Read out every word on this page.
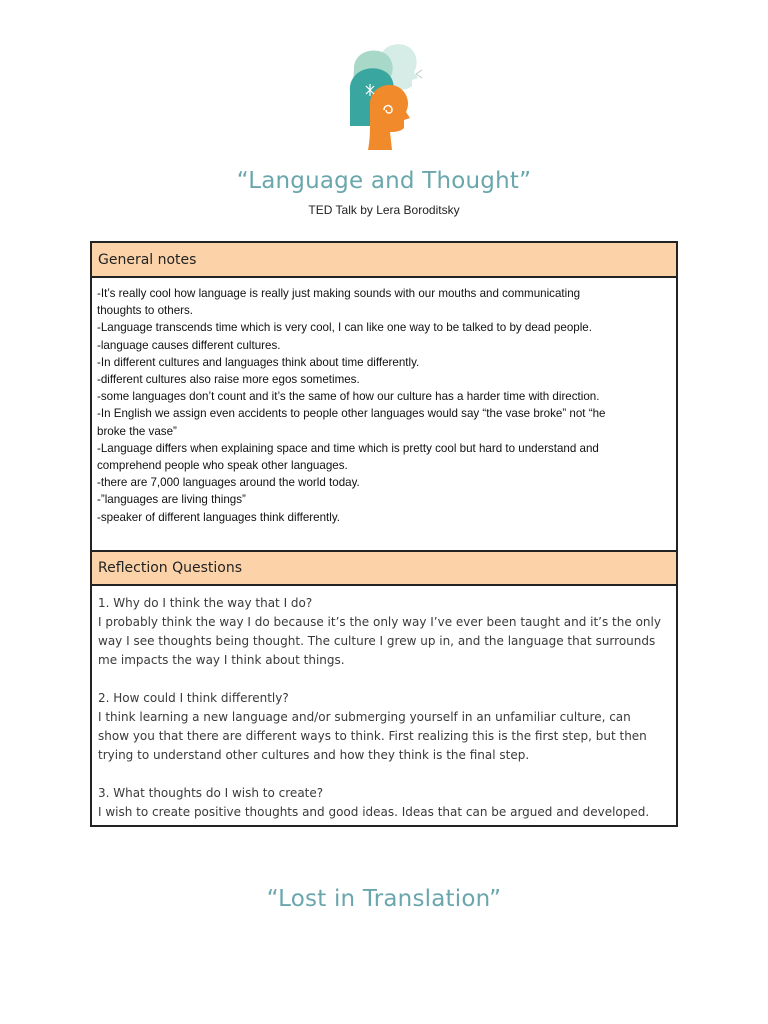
“Language and Thought”
TED Talk by Lera Boroditsky
General notes
-It’s really cool how language is really just making sounds with our mouths and communicating
thoughts to others.
-Language transcends time which is very cool, I can like one way to be talked to by dead people.
-language causes different cultures.
-In different cultures and languages think about time differently.
-different cultures also raise more egos sometimes.
-some languages don’t count and it’s the same of how our culture has a harder time with direction.
-In English we assign even accidents to people other languages would say “the vase broke” not “he
broke the vase”
-Language differs when explaining space and time which is pretty cool but hard to understand and
comprehend people who speak other languages.
-there are 7,000 languages around the world today.
-”languages are living things”
-speaker of different languages think differently.
Reflection Questions
1. Why do I think the way that I do?
I probably think the way I do because it’s the only way I’ve ever been taught and it’s the only
way I see thoughts being thought. The culture I grew up in, and the language that surrounds
me impacts the way I think about things.
2. How could I think differently?
I think learning a new language and/or submerging yourself in an unfamiliar culture, can
show you that there are different ways to think. First realizing this is the first step, but then
trying to understand other cultures and how they think is the final step.
3. What thoughts do I wish to create?
I wish to create positive thoughts and good ideas. Ideas that can be argued and developed.
“Lost in Translation”
